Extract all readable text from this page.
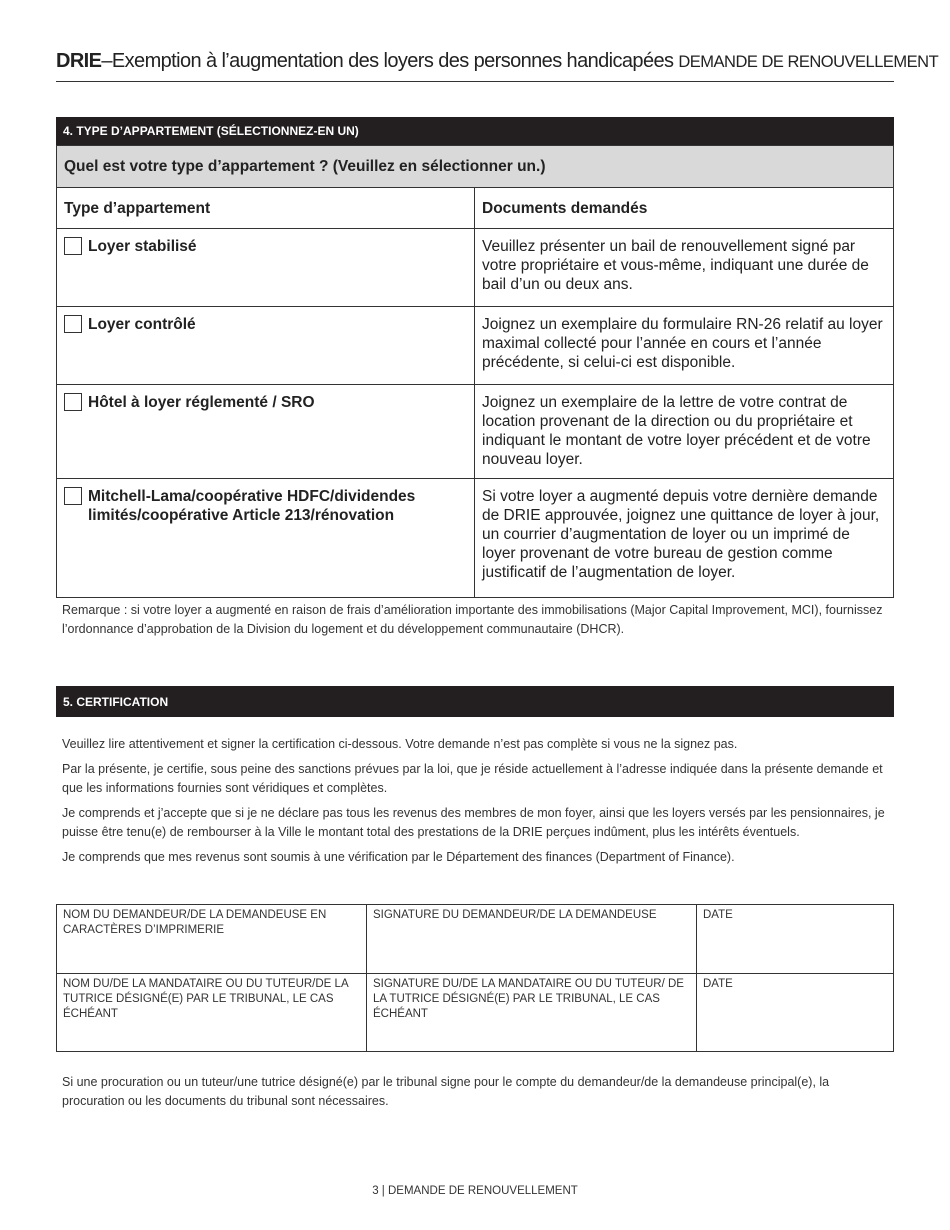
DRIE–Exemption à l’augmentation des loyers des personnes handicapées DEMANDE DE RENOUVELLEMENT
4. TYPE D’APPARTEMENT (SÉLECTIONNEZ-EN UN)
Quel est votre type d’appartement ? (Veuillez en sélectionner un.)	
Type d’appartement	Documents demandés

Loyer stabilisé	Veuillez présenter un bail de renouvellement signé par votre propriétaire et vous-même, indiquant une durée de bail d’un ou deux ans.

Loyer contrôlé	Joignez un exemplaire du formulaire RN-26 relatif au loyer maximal collecté pour l’année en cours et l’année précédente, si celui-ci est disponible.

Hôtel à loyer réglementé / SRO	Joignez un exemplaire de la lettre de votre contrat de location provenant de la direction ou du propriétaire et indiquant le montant de votre loyer précédent et de votre nouveau loyer.

Mitchell-Lama/coopérative HDFC/dividendes limités/coopérative Article 213/rénovation	Si votre loyer a augmenté depuis votre dernière demande de DRIE approuvée, joignez une quittance de loyer à jour, un courrier d’augmentation de loyer ou un imprimé de loyer provenant de votre bureau de gestion comme justificatif de l’augmentation de loyer.
Remarque : si votre loyer a augmenté en raison de frais d’amélioration importante des immobilisations (Major Capital Improvement, MCI), fournissez l’ordonnance d’approbation de la Division du logement et du développement communautaire (DHCR).
5. CERTIFICATION

Veuillez lire attentivement et signer la certification ci-dessous. Votre demande n’est pas complète si vous ne la signez pas.

Par la présente, je certifie, sous peine des sanctions prévues par la loi, que je réside actuellement à l’adresse indiquée dans la présente demande et que les informations fournies sont véridiques et complètes.

Je comprends et j’accepte que si je ne déclare pas tous les revenus des membres de mon foyer, ainsi que les loyers versés par les pensionnaires, je puisse être tenu(e) de rembourser à la Ville le montant total des prestations de la DRIE perçues indûment, plus les intérêts éventuels.

Je comprends que mes revenus sont soumis à une vérification par le Département des finances (Department of Finance).

NOM DU DEMANDEUR/DE LA DEMANDEUSE EN CARACTÈRES D’IMPRIMERIE	SIGNATURE DU DEMANDEUR/DE LA DEMANDEUSE	DATE
NOM DU/DE LA MANDATAIRE OU DU TUTEUR/DE LA TUTRICE DÉSIGNÉ(E) PAR LE TRIBUNAL, LE CAS ÉCHÉANT	SIGNATURE DU/DE LA MANDATAIRE OU DU TUTEUR/ DE LA TUTRICE DÉSIGNÉ(E) PAR LE TRIBUNAL, LE CAS ÉCHÉANT	DATE
Si une procuration ou un tuteur/une tutrice désigné(e) par le tribunal signe pour le compte du demandeur/de la demandeuse principal(e), la procuration ou les documents du tribunal sont nécessaires.
3 | DEMANDE DE RENOUVELLEMENT
